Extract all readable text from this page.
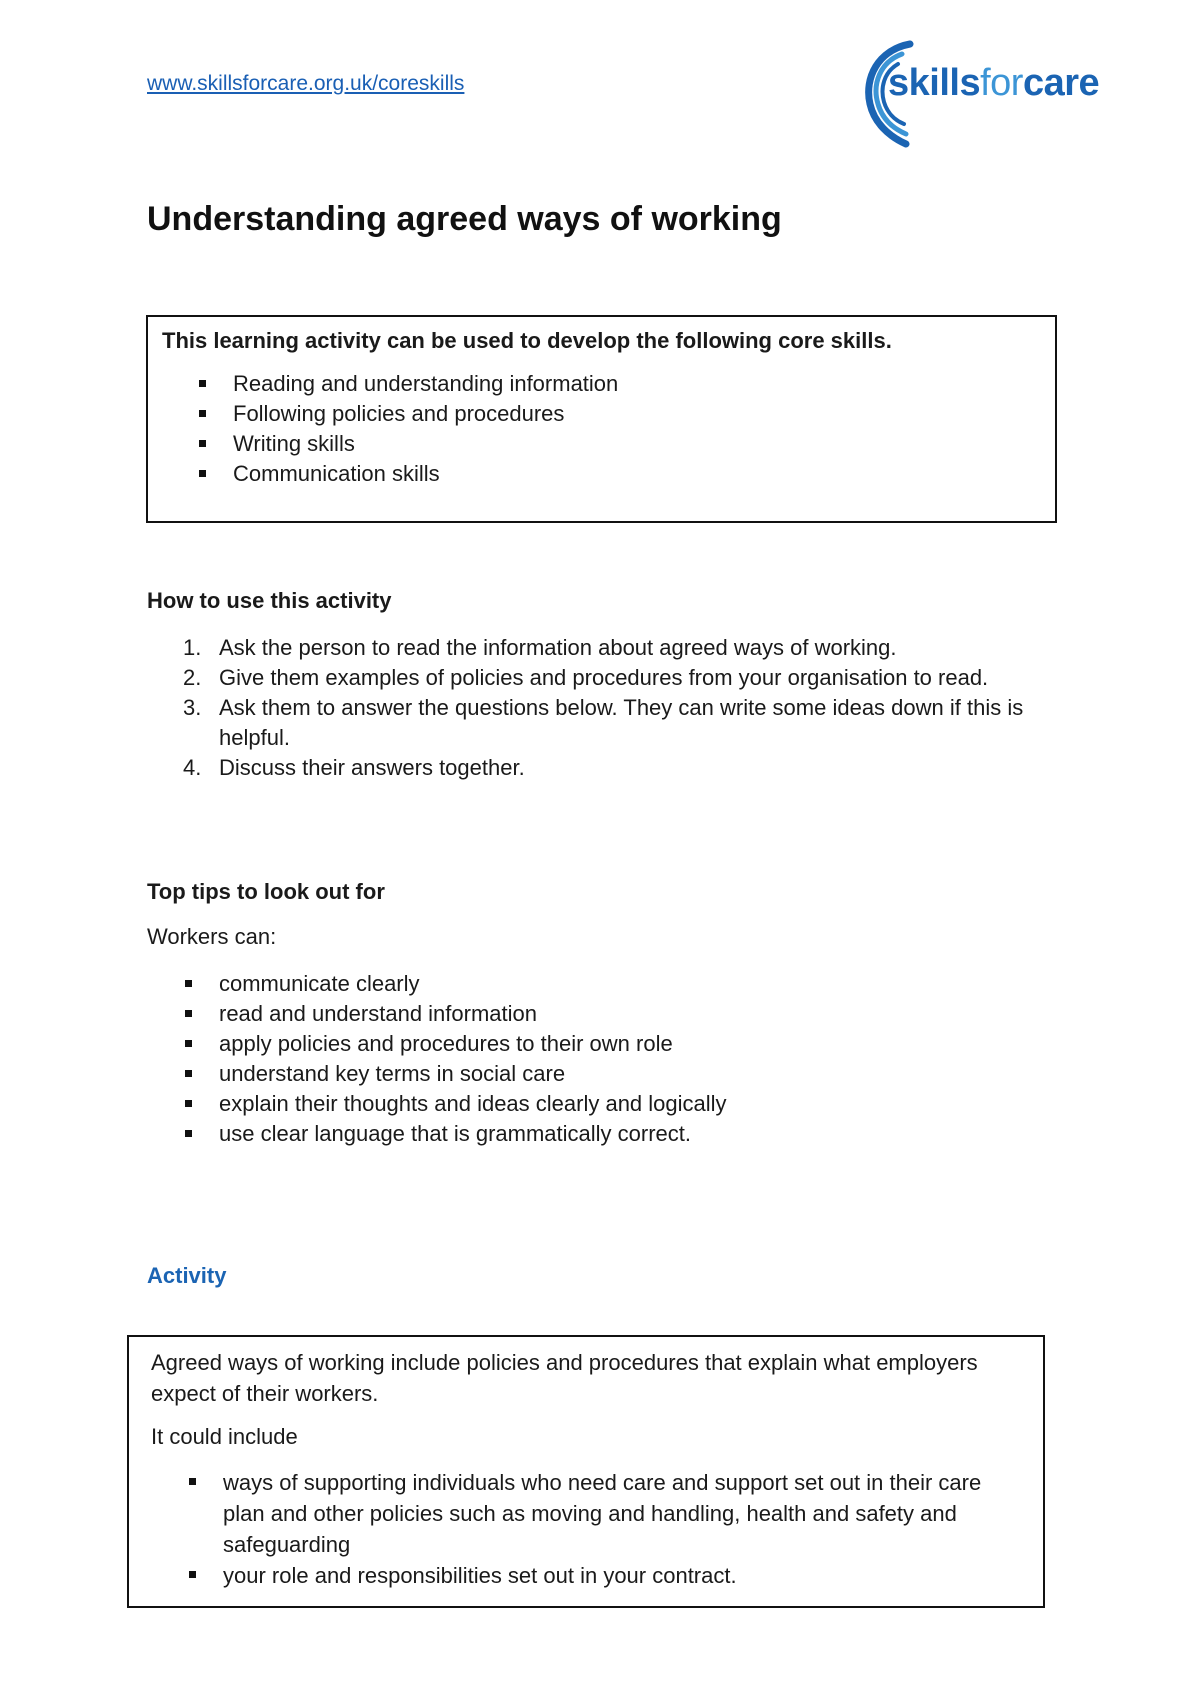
www.skillsforcare.org.uk/coreskills	skillsforcare
Understanding agreed ways of working
This learning activity can be used to develop the following core skills.
Reading and understanding information
Following policies and procedures
Writing skills
Communication skills
How to use this activity
1. Ask the person to read the information about agreed ways of working.
2. Give them examples of policies and procedures from your organisation to read.
3. Ask them to answer the questions below. They can write some ideas down if this is helpful.
4. Discuss their answers together.
Top tips to look out for
Workers can:
communicate clearly
read and understand information
apply policies and procedures to their own role
understand key terms in social care
explain their thoughts and ideas clearly and logically
use clear language that is grammatically correct.
Activity
Agreed ways of working include policies and procedures that explain what employers expect of their workers.
It could include
ways of supporting individuals who need care and support set out in their care plan and other policies such as moving and handling, health and safety and safeguarding
your role and responsibilities set out in your contract.
